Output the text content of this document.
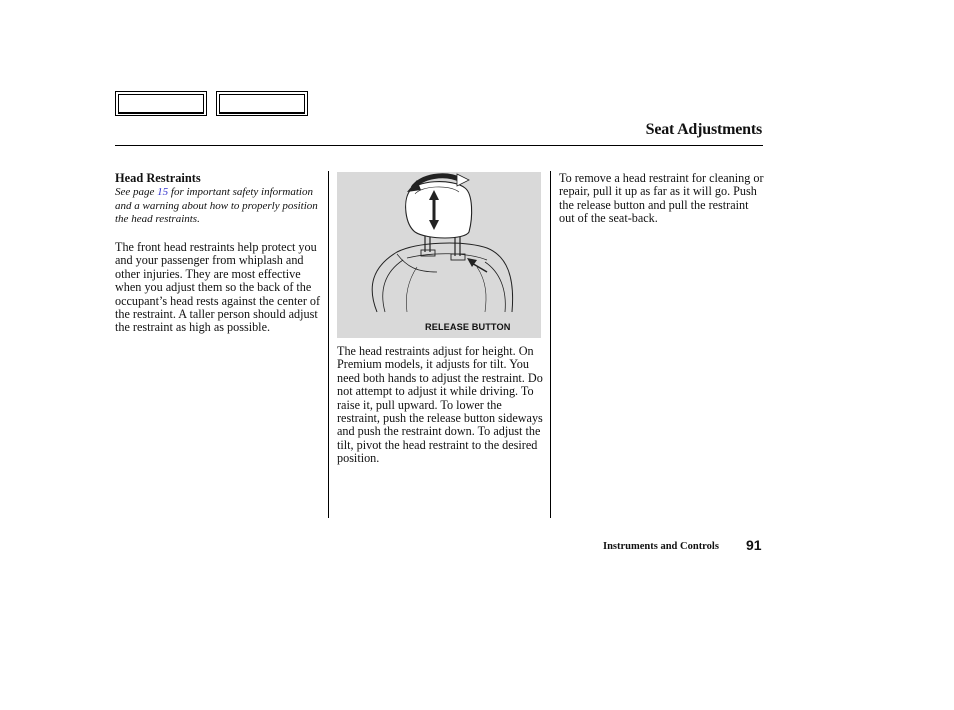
Seat Adjustments

Head Restraints

See page 15 for important safety information and a warning about how to properly position the head restraints.

The front head restraints help protect you and your passenger from whiplash and other injuries. They are most effective when you adjust them so the back of the occupant’s head rests against the center of the restraint. A taller person should adjust the restraint as high as possible.	RELEASE BUTTON

The head restraints adjust for height. On Premium models, it adjusts for tilt. You need both hands to adjust the restraint. Do not attempt to adjust it while driving. To raise it, pull upward. To lower the restraint, push the release button sideways and push the restraint down. To adjust the tilt, pivot the head restraint to the desired position.

To remove a head restraint for cleaning or repair, pull it up as far as it will go. Push the release button and pull the restraint out of the seat-back.

Instruments and Controls 91
